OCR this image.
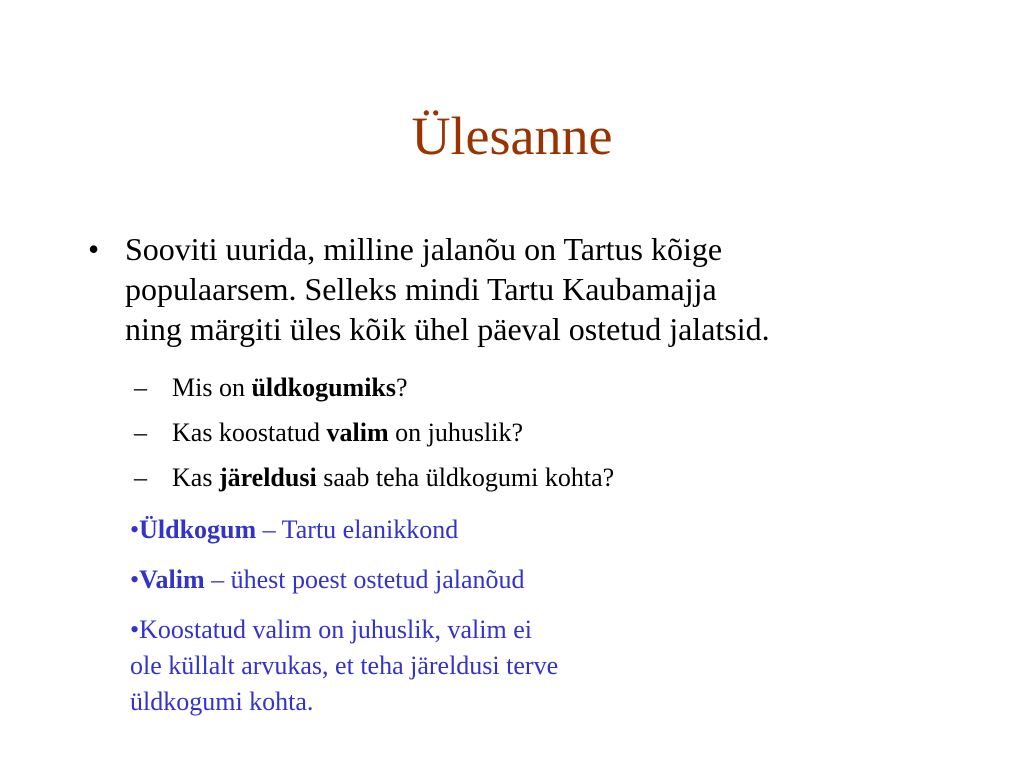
Ülesanne
• Sooviti uurida, milline jalanõu on Tartus kõige
populaarsem. Selleks mindi Tartu Kaubamajja
ning märgiti üles kõik ühel päeval ostetud jalatsid.
– Mis on üldkogumiks?
– Kas koostatud valim on juhuslik?
– Kas järeldusi saab teha üldkogumi kohta?

•Üldkogum – Tartu elanikkond

•Valim – ühest poest ostetud jalanõud

•Koostatud valim on juhuslik, valim ei
ole küllalt arvukas, et teha järeldusi terve
üldkogumi kohta.
